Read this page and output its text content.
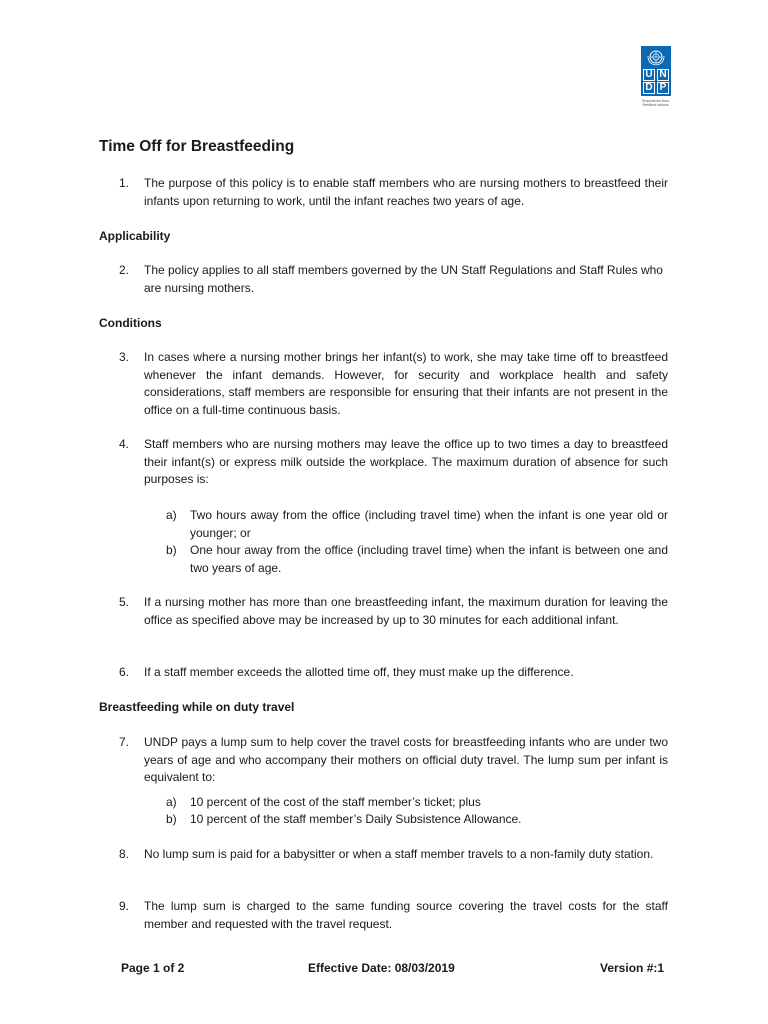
U N
D P
Empowered lives. Resilient nations.
Time Off for Breastfeeding
1.	The purpose of this policy is to enable staff members who are nursing mothers to breastfeed their infants upon returning to work, until the infant reaches two years of age.
Applicability
2.	The policy applies to all staff members governed by the UN Staff Regulations and Staff Rules who are nursing mothers.
Conditions
3.	In cases where a nursing mother brings her infant(s) to work, she may take time off to breastfeed whenever the infant demands. However, for security and workplace health and safety considerations, staff members are responsible for ensuring that their infants are not present in the office on a full-time continuous basis.
4.	Staff members who are nursing mothers may leave the office up to two times a day to breastfeed their infant(s) or express milk outside the workplace. The maximum duration of absence for such purposes is:
a)	Two hours away from the office (including travel time) when the infant is one year old or younger; or
b)	One hour away from the office (including travel time) when the infant is between one and two years of age.
5.	If a nursing mother has more than one breastfeeding infant, the maximum duration for leaving the office as specified above may be increased by up to 30 minutes for each additional infant.
6.	If a staff member exceeds the allotted time off, they must make up the difference.
Breastfeeding while on duty travel
7.	UNDP pays a lump sum to help cover the travel costs for breastfeeding infants who are under two years of age and who accompany their mothers on official duty travel. The lump sum per infant is equivalent to:
a)	10 percent of the cost of the staff member’s ticket; plus
b)	10 percent of the staff member’s Daily Subsistence Allowance.
8.	No lump sum is paid for a babysitter or when a staff member travels to a non-family duty station.
9.	The lump sum is charged to the same funding source covering the travel costs for the staff member and requested with the travel request.

Page 1 of 2	Effective Date: 08/03/2019	Version #:1
